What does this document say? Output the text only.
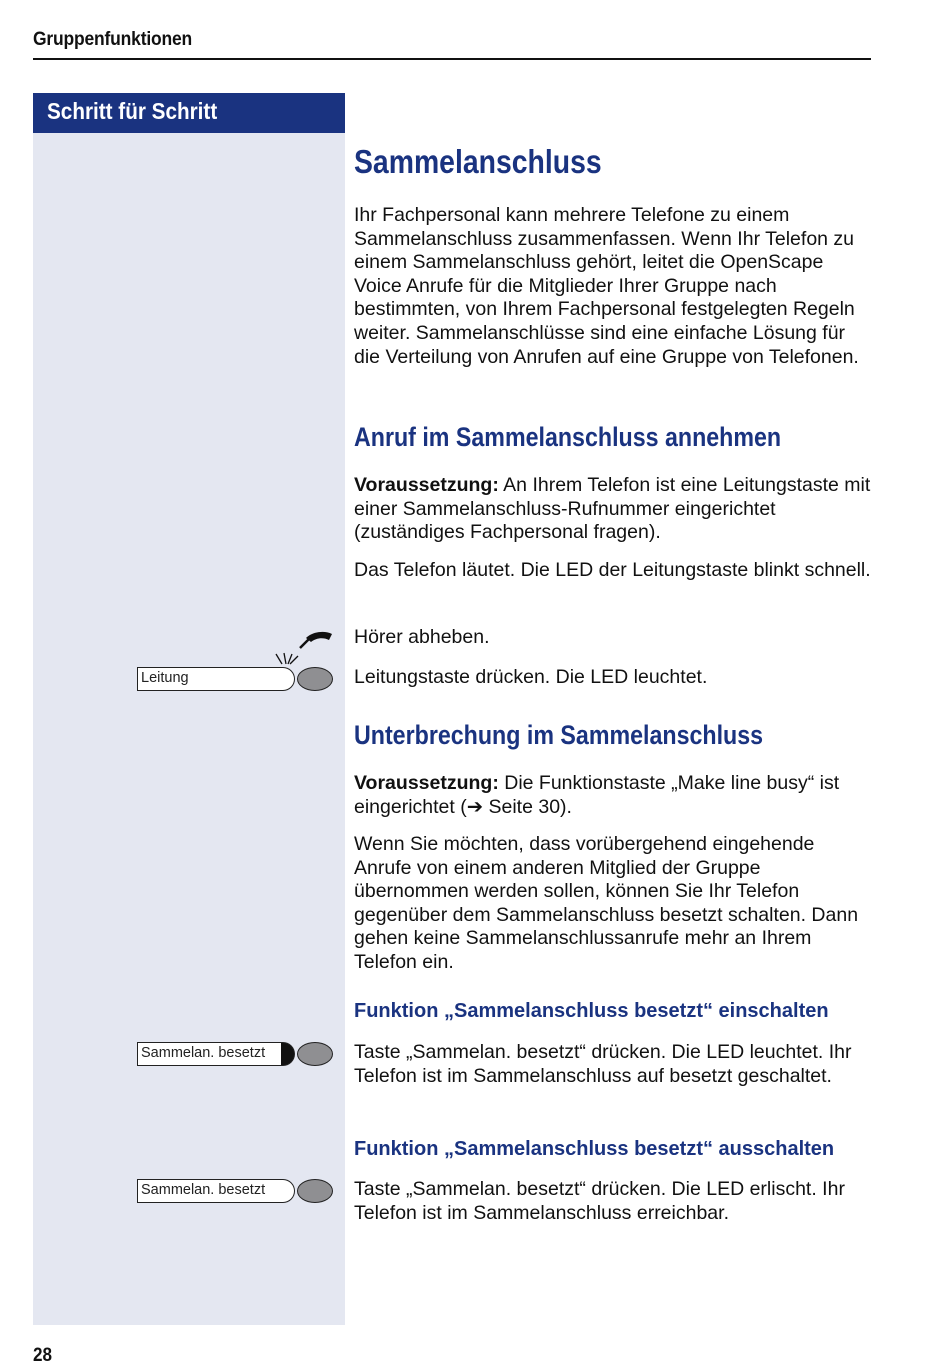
Gruppenfunktionen
Schritt für Schritt
Sammelanschluss

Ihr Fachpersonal kann mehrere Telefone zu einem Sammelanschluss zusammenfassen. Wenn Ihr Telefon zu einem Sammelanschluss gehört, leitet die OpenScape Voice Anrufe für die Mitglieder Ihrer Gruppe nach bestimmten, von Ihrem Fachpersonal festgelegten Regeln weiter. Sammelanschlüsse sind eine einfache Lösung für die Verteilung von Anrufen auf eine Gruppe von Telefonen.

Anruf im Sammelanschluss annehmen

Voraussetzung: An Ihrem Telefon ist eine Leitungstaste mit einer Sammelanschluss-Rufnummer eingerichtet (zuständiges Fachpersonal fragen).

Das Telefon läutet. Die LED der Leitungstaste blinkt schnell.

Hörer abheben.

Leitung	Leitungstaste drücken. Die LED leuchtet.

Unterbrechung im Sammelanschluss

Voraussetzung: Die Funktionstaste „Make line busy“ ist eingerichtet (➔ Seite 30).

Wenn Sie möchten, dass vorübergehend eingehende Anrufe von einem anderen Mitglied der Gruppe übernommen werden sollen, können Sie Ihr Telefon gegenüber dem Sammelanschluss besetzt schalten. Dann gehen keine Sammelanschlussanrufe mehr an Ihrem Telefon ein.

Funktion „Sammelanschluss besetzt“ einschalten
Sammelan. besetzt	Taste „Sammelan. besetzt“ drücken. Die LED leuchtet. Ihr Telefon ist im Sammelanschluss auf besetzt geschaltet.

Funktion „Sammelanschluss besetzt“ ausschalten
Sammelan. besetzt	Taste „Sammelan. besetzt“ drücken. Die LED erlischt. Ihr Telefon ist im Sammelanschluss erreichbar.

28
